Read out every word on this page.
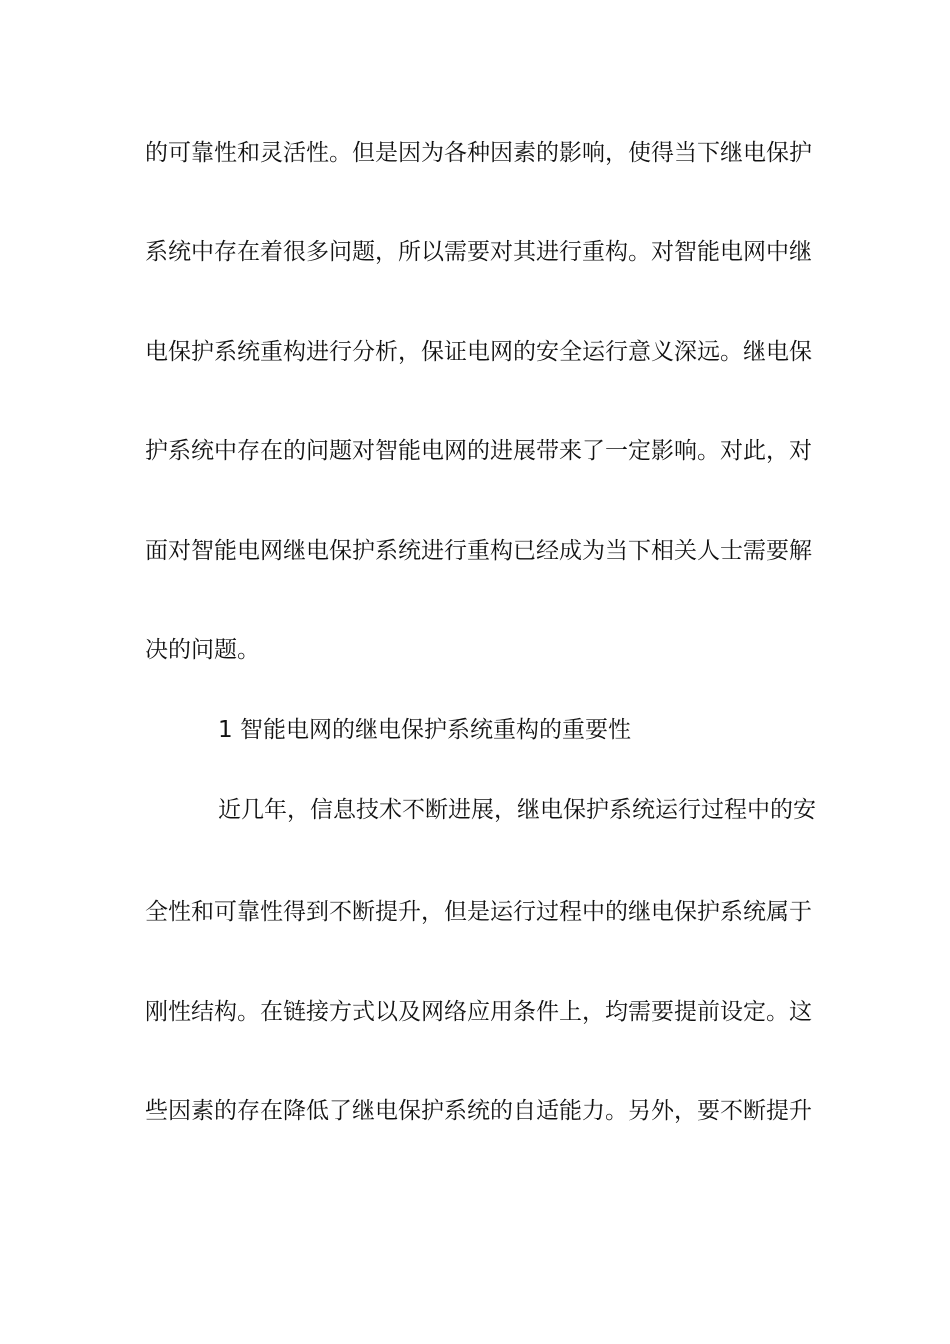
的可靠性和灵活性。但是因为各种因素的影响，使得当下继电保护
系统中存在着很多问题，所以需要对其进行重构。对智能电网中继
电保护系统重构进行分析，保证电网的安全运行意义深远。继电保
护系统中存在的问题对智能电网的进展带来了一定影响。对此，对
面对智能电网继电保护系统进行重构已经成为当下相关人士需要解
决的问题。
1 智能电网的继电保护系统重构的重要性
近几年，信息技术不断进展，继电保护系统运行过程中的安
全性和可靠性得到不断提升，但是运行过程中的继电保护系统属于
刚性结构。在链接方式以及网络应用条件上，均需要提前设定。这
些因素的存在降低了继电保护系统的自适能力。另外，要不断提升
